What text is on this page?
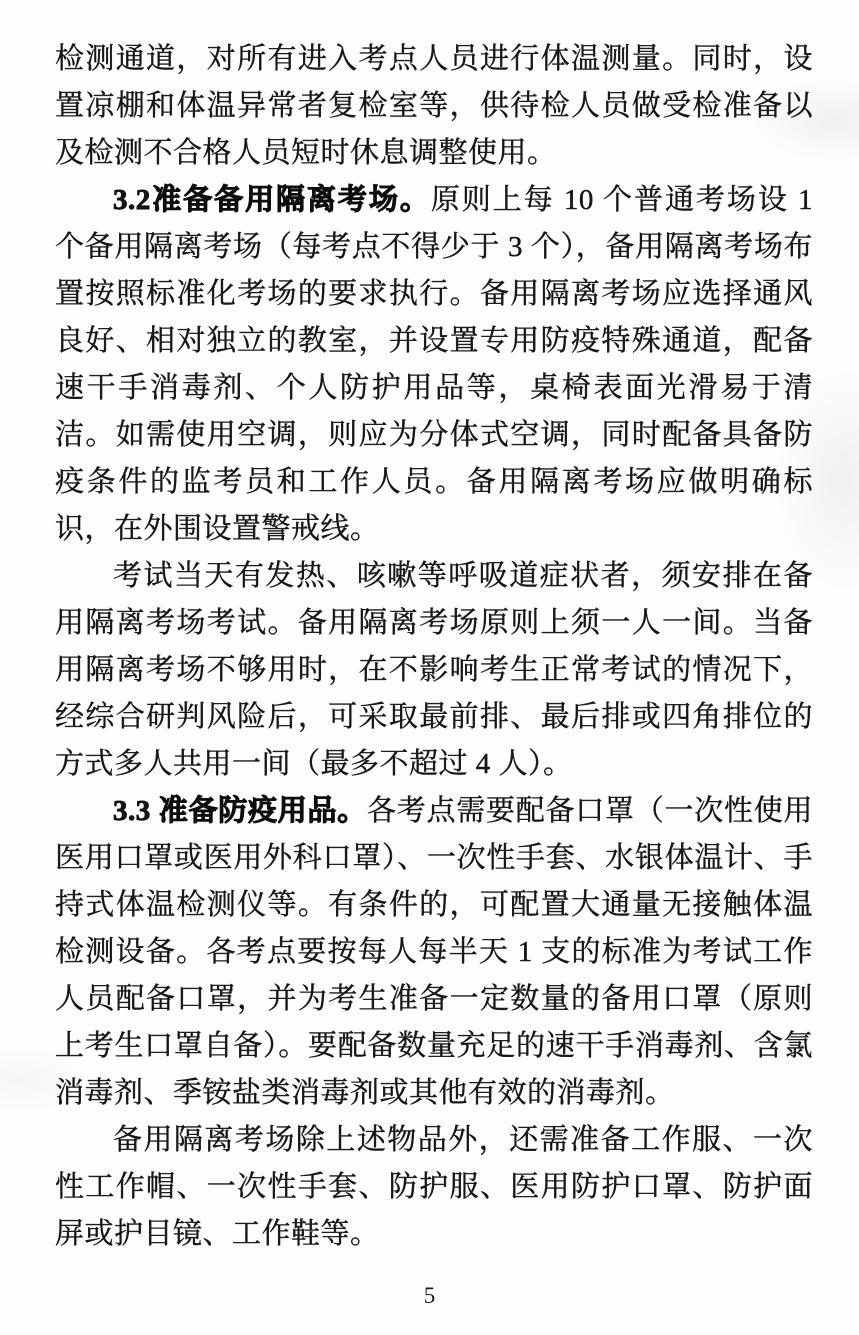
检测通道，对所有进入考点人员进行体温测量。同时，设置凉棚和体温异常者复检室等，供待检人员做受检准备以及检测不合格人员短时休息调整使用。

3.2准备备用隔离考场。原则上每 10 个普通考场设 1 个备用隔离考场（每考点不得少于 3 个），备用隔离考场布置按照标准化考场的要求执行。备用隔离考场应选择通风良好、相对独立的教室，并设置专用防疫特殊通道，配备速干手消毒剂、个人防护用品等，桌椅表面光滑易于清洁。如需使用空调，则应为分体式空调，同时配备具备防疫条件的监考员和工作人员。备用隔离考场应做明确标识，在外围设置警戒线。

考试当天有发热、咳嗽等呼吸道症状者，须安排在备用隔离考场考试。备用隔离考场原则上须一人一间。当备用隔离考场不够用时，在不影响考生正常考试的情况下，经综合研判风险后，可采取最前排、最后排或四角排位的方式多人共用一间（最多不超过 4 人）。

3.3 准备防疫用品。各考点需要配备口罩（一次性使用医用口罩或医用外科口罩）、一次性手套、水银体温计、手持式体温检测仪等。有条件的，可配置大通量无接触体温检测设备。各考点要按每人每半天 1 支的标准为考试工作人员配备口罩，并为考生准备一定数量的备用口罩（原则上考生口罩自备）。要配备数量充足的速干手消毒剂、含氯消毒剂、季铵盐类消毒剂或其他有效的消毒剂。

备用隔离考场除上述物品外，还需准备工作服、一次性工作帽、一次性手套、防护服、医用防护口罩、防护面屏或护目镜、工作鞋等。

5
